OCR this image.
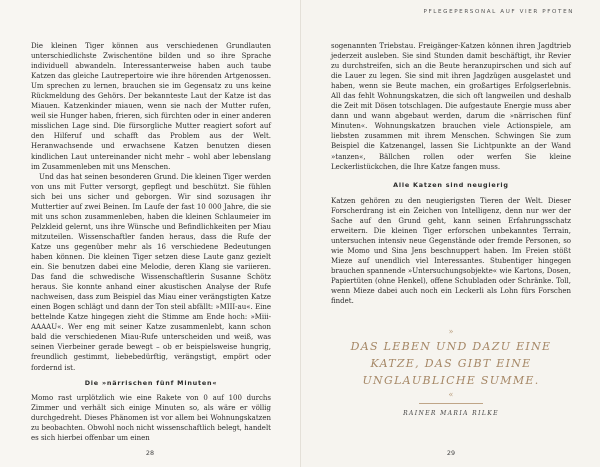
Die kleinen Tiger können aus verschiedenen Grundlauten unterschiedlichste Zwischentöne bilden und so ihre Sprache individuell abwandeln. Interessanterweise haben auch taube Katzen das gleiche Lautrepertoire wie ihre hörenden Artgenossen. Um sprechen zu lernen, brauchen sie im Gegensatz zu uns keine Rückmeldung des Gehörs. Der bekannteste Laut der Katze ist das Miauen. Katzenkinder miauen, wenn sie nach der Mutter rufen, weil sie Hunger haben, frieren, sich fürchten oder in einer anderen misslichen Lage sind. Die fürsorgliche Mutter reagiert sofort auf den Hilferuf und schafft das Problem aus der Welt. Heranwachsende und erwachsene Katzen benutzen diesen kindlichen Laut untereinander nicht mehr – wohl aber lebenslang im Zusammenleben mit uns Menschen.

Und das hat seinen besonderen Grund. Die kleinen Tiger werden von uns mit Futter versorgt, gepflegt und beschützt. Sie fühlen sich bei uns sicher und geborgen. Wir sind sozusagen ihr Muttertier auf zwei Beinen. Im Laufe der fast 10 000 Jahre, die sie mit uns schon zusammenleben, haben die kleinen Schlaumeier im Pelzkleid gelernt, uns ihre Wünsche und Befindlichkeiten per Miau mitzuteilen. Wissenschaftler fanden heraus, dass die Rufe der Katze uns gegenüber mehr als 16 verschiedene Bedeutungen haben können. Die kleinen Tiger setzen diese Laute ganz gezielt ein. Sie benutzen dabei eine Melodie, deren Klang sie variieren. Das fand die schwedische Wissenschaftlerin Susanne Schötz heraus. Sie konnte anhand einer akustischen Analyse der Rufe nachweisen, dass zum Beispiel das Miau einer verängstigten Katze einen Bogen schlägt und dann der Ton steil abfällt: »MIII-au«. Eine bettelnde Katze hingegen zieht die Stimme am Ende hoch: »Miii-AAAAU«. Wer eng mit seiner Katze zusammenlebt, kann schon bald die verschiedenen Miau-Rufe unterscheiden und weiß, was seinen Vierbeiner gerade bewegt – ob er beispielsweise hungrig, freundlich gestimmt, liebebedürftig, verängstigt, empört oder fordernd ist.

Die »närrischen fünf Minuten«

Momo rast urplötzlich wie eine Rakete von 0 auf 100 durchs Zimmer und verhält sich einige Minuten so, als wäre er völlig durchgedreht. Dieses Phänomen ist vor allem bei Wohnungskatzen zu beobachten. Obwohl noch nicht wissenschaftlich belegt, handelt es sich hierbei offenbar um einen

28
PFLEGEPERSONAL AUF VIER PFOTEN

sogenannten Triebstau. Freigänger-Katzen können ihren Jagdtrieb jederzeit ausleben. Sie sind Stunden damit beschäftigt, ihr Revier zu durchstreifen, sich an die Beute heranzupirschen und sich auf die Lauer zu legen. Sie sind mit ihren Jagdzügen ausgelastet und haben, wenn sie Beute machen, ein großartiges Erfolgserlebnis. All das fehlt Wohnungskatzen, die sich oft langweilen und deshalb die Zeit mit Dösen totschlagen. Die aufgestaute Energie muss aber dann und wann abgebaut werden, darum die »närrischen fünf Minuten«. Wohnungskatzen brauchen viele Actionspiele, am liebsten zusammen mit ihrem Menschen. Schwingen Sie zum Beispiel die Katzenangel, lassen Sie Lichtpunkte an der Wand »tanzen«, Bällchen rollen oder werfen Sie kleine Leckerlistückchen, die Ihre Katze fangen muss.

Alle Katzen sind neugierig

Katzen gehören zu den neugierigsten Tieren der Welt. Dieser Forscherdrang ist ein Zeichen von Intelligenz, denn nur wer der Sache auf den Grund geht, kann seinen Erfahrungsschatz erweitern. Die kleinen Tiger erforschen unbekanntes Terrain, untersuchen intensiv neue Gegenstände oder fremde Personen, so wie Momo und Sina Jens beschnuppert haben. Im Freien stößt Mieze auf unendlich viel Interessantes. Stubentiger hingegen brauchen spannende »Untersuchungsobjekte« wie Kartons, Dosen, Papiertüten (ohne Henkel), offene Schubladen oder Schränke. Toll, wenn Mieze dabei auch noch ein Leckerli als Lohn fürs Forschen findet.

»
DAS LEBEN UND DAZU EINE KATZE, DAS GIBT EINE UNGLAUBLICHE SUMME.
«
RAINER MARIA RILKE
29
